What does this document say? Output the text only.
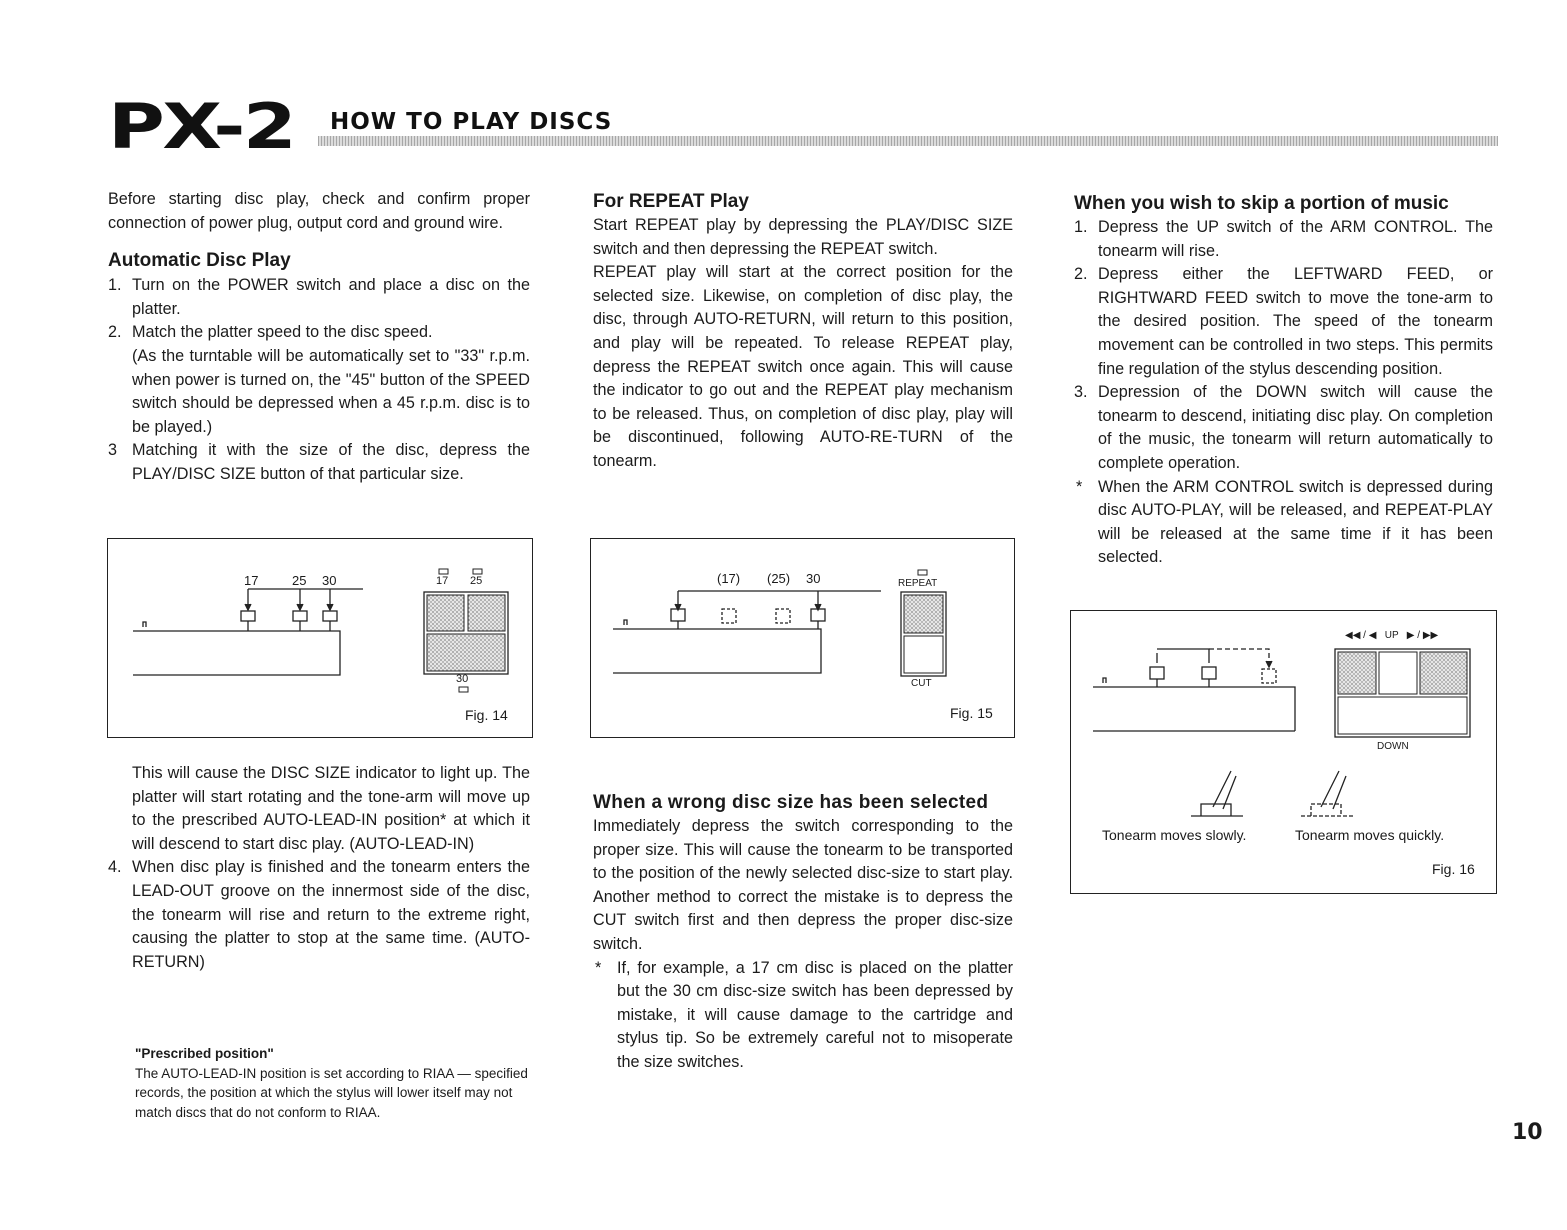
PX-2 HOW TO PLAY DISCS

Before starting disc play, check and confirm proper connection of power plug, output cord and ground wire.

Automatic Disc Play
1. Turn on the POWER switch and place a disc on the platter.
2. Match the platter speed to the disc speed.

(As the turntable will be automatically set to "33" r.p.m. when power is turned on, the "45" button of the SPEED switch should be depressed when a 45 r.p.m. disc is to be played.)

3 Matching it with the size of the disc, depress the PLAY/DISC SIZE button of that particular size.
17	25 30	17 25
30
Fig. 14

This will cause the DISC SIZE indicator to light up. The platter will start rotating and the tone-arm will move up to the prescribed AUTO-LEAD-IN position* at which it will descend to start disc play. (AUTO-LEAD-IN)

4. When disc play is finished and the tonearm enters the LEAD-OUT groove on the innermost side of the disc, the tonearm will rise and return to the extreme right, causing the platter to stop at the same time. (AUTO-RETURN)
"Prescribed position"
The AUTO-LEAD-IN position is set according to RIAA — specified records, the position at which the stylus will lower itself may not match discs that do not conform to RIAA.
For REPEAT Play

Start REPEAT play by depressing the PLAY/DISC SIZE switch and then depressing the REPEAT switch.

REPEAT play will start at the correct position for the selected size. Likewise, on completion of disc play, the disc, through AUTO-RETURN, will return to this position, and play will be repeated. To release REPEAT play, depress the REPEAT switch once again. This will cause the indicator to go out and the REPEAT play mechanism to be released. Thus, on completion of disc play, play will be discontinued, following AUTO-RE-TURN of the tonearm.

(17) (25) 30	REPEAT
CUT
Fig. 15
When a wrong disc size has been selected

Immediately depress the switch corresponding to the proper size. This will cause the tonearm to be transported to the position of the newly selected disc-size to start play. Another method to correct the mistake is to depress the CUT switch first and then depress the proper disc-size switch.

* If, for example, a 17 cm disc is placed on the platter but the 30 cm disc-size switch has been depressed by mistake, it will cause damage to the cartridge and stylus tip. So be extremely careful not to misoperate the size switches.
When you wish to skip a portion of music
1. Depress the UP switch of the ARM CONTROL. The tonearm will rise.
2. Depress either the LEFTWARD FEED, or RIGHTWARD FEED switch to move the tone-arm to the desired position. The speed of the tonearm movement can be controlled in two steps. This permits fine regulation of the stylus descending position.
3. Depression of the DOWN switch will cause the tonearm to descend, initiating disc play. On completion of the music, the tonearm will return automatically to complete operation.
* When the ARM CONTROL switch is depressed during disc AUTO-PLAY, will be released, and REPEAT-PLAY will be released at the same time if it has been selected.
◀◀ / ◀   UP   ▶ / ▶▶
DOWN
Tonearm moves slowly.	Tonearm moves quickly.
Fig. 16
10
